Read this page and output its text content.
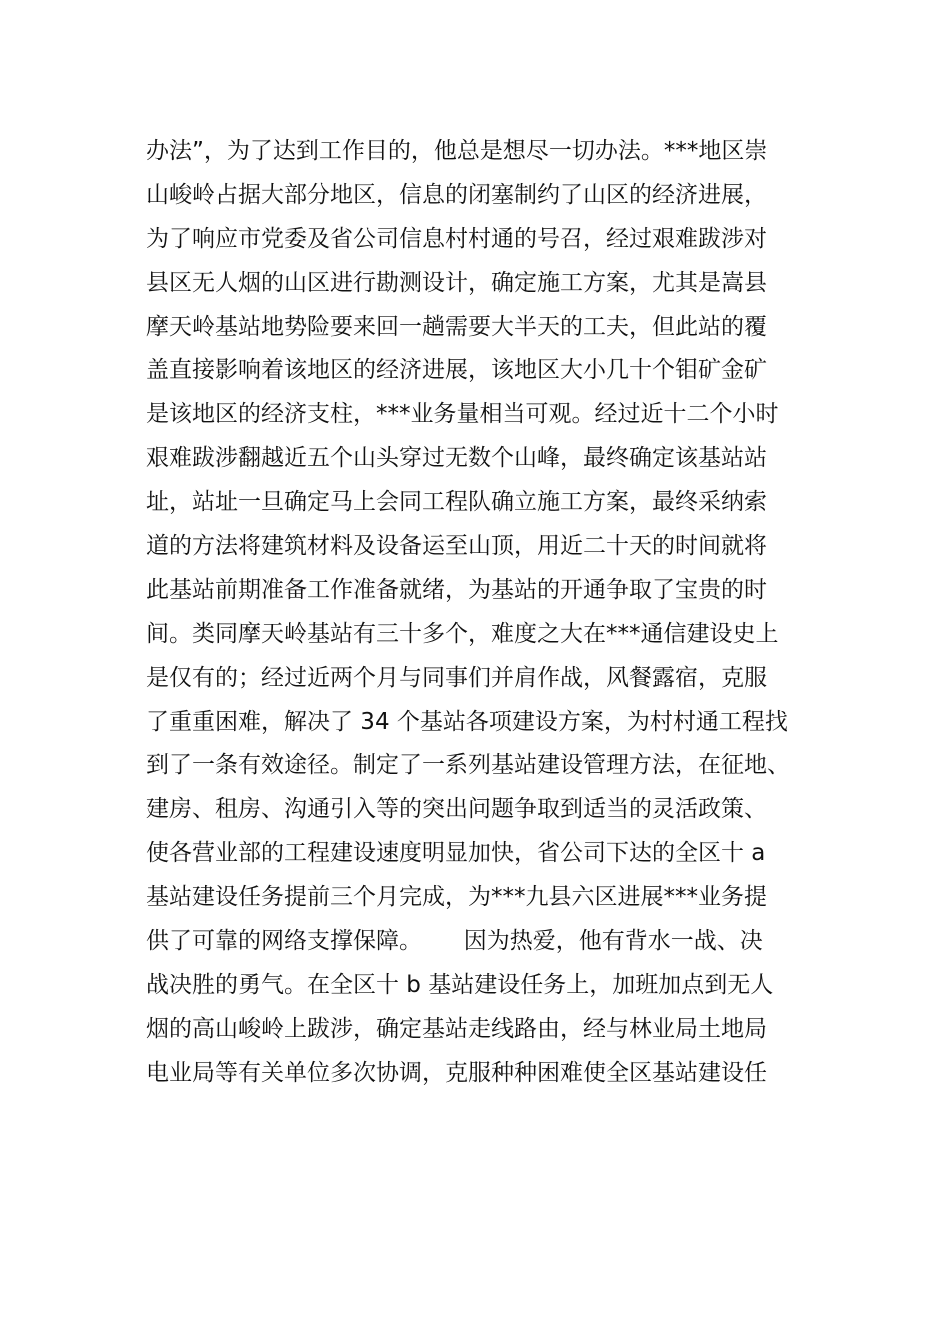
办法”，为了达到工作目的，他总是想尽一切办法。***地区崇
山峻岭占据大部分地区，信息的闭塞制约了山区的经济进展，
为了响应市党委及省公司信息村村通的号召，经过艰难跋涉对
县区无人烟的山区进行勘测设计，确定施工方案，尤其是嵩县
摩天岭基站地势险要来回一趟需要大半天的工夫，但此站的覆
盖直接影响着该地区的经济进展，该地区大小几十个钼矿金矿
是该地区的经济支柱，***业务量相当可观。经过近十二个小时
艰难跋涉翻越近五个山头穿过无数个山峰，最终确定该基站站
址，站址一旦确定马上会同工程队确立施工方案，最终采纳索
道的方法将建筑材料及设备运至山顶，用近二十天的时间就将
此基站前期准备工作准备就绪，为基站的开通争取了宝贵的时
间。类同摩天岭基站有三十多个，难度之大在***通信建设史上
是仅有的；经过近两个月与同事们并肩作战，风餐露宿，克服
了重重困难，解决了 34 个基站各项建设方案，为村村通工程找
到了一条有效途径。制定了一系列基站建设管理方法，在征地、
建房、租房、沟通引入等的突出问题争取到适当的灵活政策、
使各营业部的工程建设速度明显加快，省公司下达的全区十 a
基站建设任务提前三个月完成，为***九县六区进展***业务提
供了可靠的网络支撑保障。　　 因为热爱，他有背水一战、决
战决胜的勇气。在全区十 b 基站建设任务上，加班加点到无人
烟的高山峻岭上跋涉，确定基站走线路由，经与林业局土地局
电业局等有关单位多次协调，克服种种困难使全区基站建设任
